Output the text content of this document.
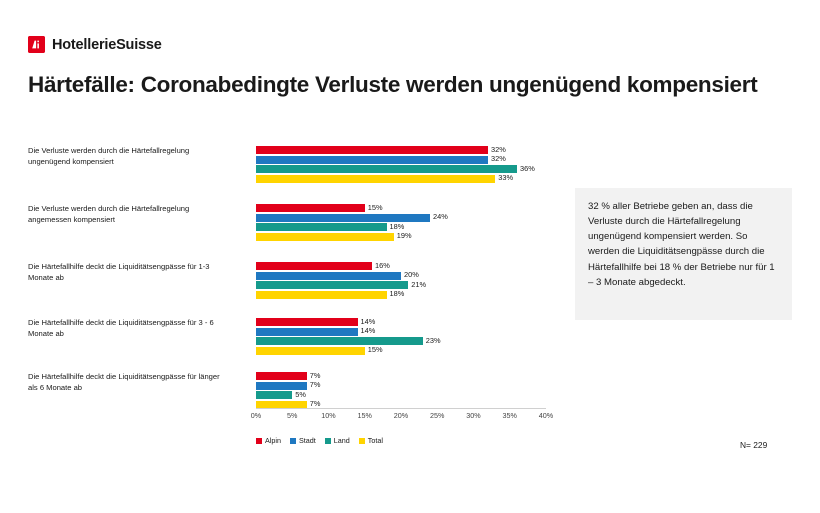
HotellerieSuisse
Härtefälle: Coronabedingte Verluste werden ungenügend kompensiert
Die Verluste werden durch die Härtefallregelung ungenügend kompensiert
32%
32%
36%
33%
Die Verluste werden durch die Härtefallregelung angemessen kompensiert
15%
24%
18%
19%
Die Härtefallhilfe deckt die Liquiditätsengpässe für 1-3 Monate ab
16%
20%
21%
18%
Die Härtefallhilfe deckt die Liquiditätsengpässe für 3 - 6 Monate ab
14%
14%
23%
15%
Die Härtefallhilfe deckt die Liquiditätsengpässe für länger als 6 Monate ab
7%
7%
5%
7%
0%	5%	10%	15%	20%	25%	30%	35%	40%
Alpin	Stadt	Land	Total
32 % aller Betriebe geben an, dass die Verluste durch die Härtefallregelung ungenügend kompensiert werden. So werden die Liquiditätsengpässe durch die Härtefallhilfe bei 18 % der Betriebe nur für 1 – 3 Monate abgedeckt.
N= 229
